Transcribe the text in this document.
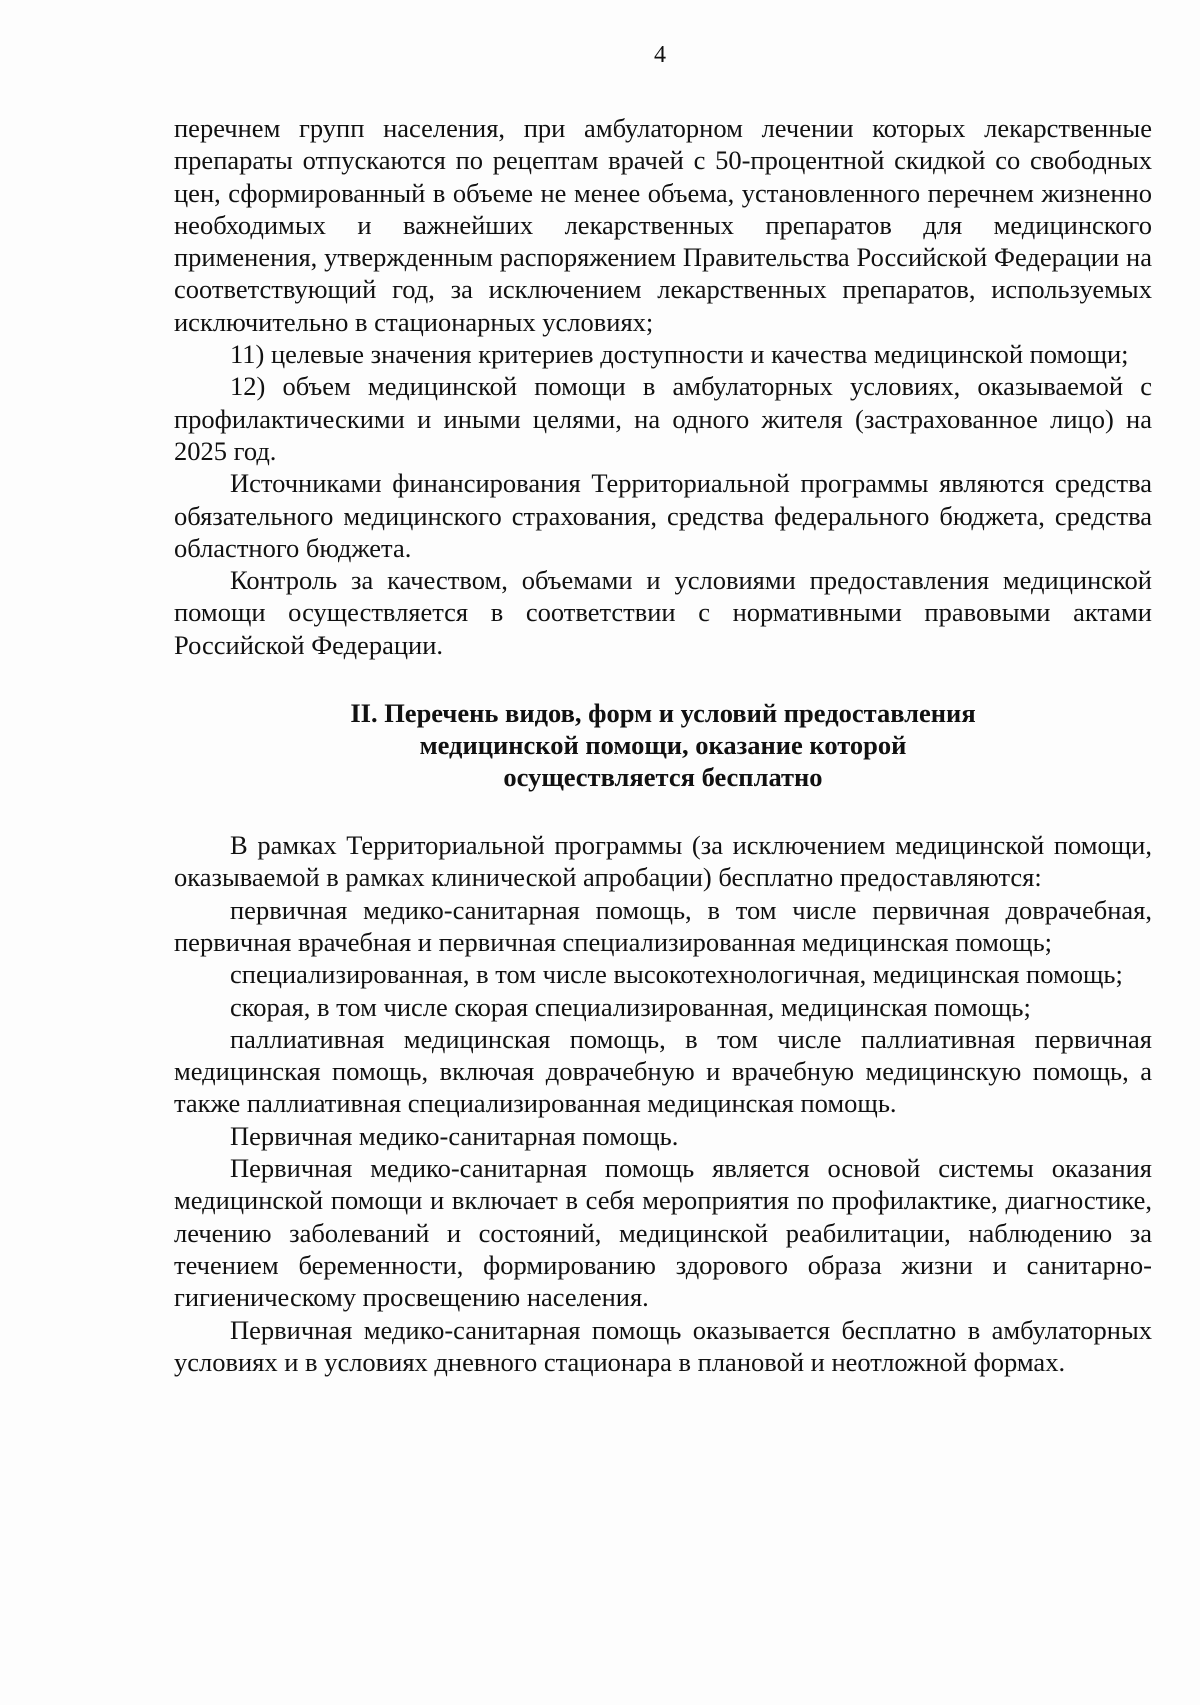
4

перечнем групп населения, при амбулаторном лечении которых лекарственные препараты отпускаются по рецептам врачей с 50-процентной скидкой со свободных цен, сформированный в объеме не менее объема, установленного перечнем жизненно необходимых и важнейших лекарственных препаратов для медицинского применения, утвержденным распоряжением Правительства Российской Федерации на соответствующий год, за исключением лекарственных препаратов, используемых исключительно в стационарных условиях;

11) целевые значения критериев доступности и качества медицинской помощи;

12) объем медицинской помощи в амбулаторных условиях, оказываемой с профилактическими и иными целями, на одного жителя (застрахованное лицо) на 2025 год.

Источниками финансирования Территориальной программы являются средства обязательного медицинского страхования, средства федерального бюджета, средства областного бюджета.

Контроль за качеством, объемами и условиями предоставления медицинской помощи осуществляется в соответствии с нормативными правовыми актами Российской Федерации.

II. Перечень видов, форм и условий предоставления
медицинской помощи, оказание которой
осуществляется бесплатно

В рамках Территориальной программы (за исключением медицинской помощи, оказываемой в рамках клинической апробации) бесплатно предоставляются:

первичная медико-санитарная помощь, в том числе первичная доврачебная, первичная врачебная и первичная специализированная медицинская помощь;

специализированная, в том числе высокотехнологичная, медицинская помощь;

скорая, в том числе скорая специализированная, медицинская помощь;

паллиативная медицинская помощь, в том числе паллиативная первичная медицинская помощь, включая доврачебную и врачебную медицинскую помощь, а также паллиативная специализированная медицинская помощь.

Первичная медико-санитарная помощь.

Первичная медико-санитарная помощь является основой системы оказания медицинской помощи и включает в себя мероприятия по профилактике, диагностике, лечению заболеваний и состояний, медицинской реабилитации, наблюдению за течением беременности, формированию здорового образа жизни и санитарно-гигиеническому просвещению населения.

Первичная медико-санитарная помощь оказывается бесплатно в амбулаторных условиях и в условиях дневного стационара в плановой и неотложной формах.
